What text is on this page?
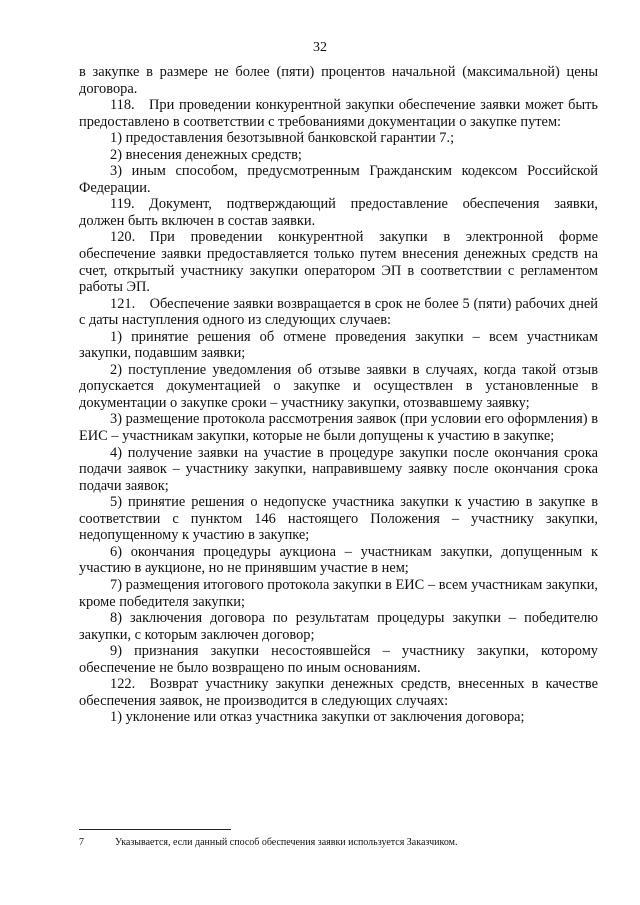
32

в закупке в размере не более (пяти) процентов начальной (максимальной) цены договора.

118. При проведении конкурентной закупки обеспечение заявки может быть предоставлено в соответствии с требованиями документации о закупке путем:

1) предоставления безотзывной банковской гарантии 7.;

2) внесения денежных средств;

3) иным способом, предусмотренным Гражданским кодексом Российской Федерации.

119. Документ, подтверждающий предоставление обеспечения заявки, должен быть включен в состав заявки.

120. При проведении конкурентной закупки в электронной форме обеспечение заявки предоставляется только путем внесения денежных средств на счет, открытый участнику закупки оператором ЭП в соответствии с регламентом работы ЭП.

121. Обеспечение заявки возвращается в срок не более 5 (пяти) рабочих дней с даты наступления одного из следующих случаев:

1) принятие решения об отмене проведения закупки – всем участникам закупки, подавшим заявки;

2) поступление уведомления об отзыве заявки в случаях, когда такой отзыв допускается документацией о закупке и осуществлен в установленные в документации о закупке сроки – участнику закупки, отозвавшему заявку;

3) размещение протокола рассмотрения заявок (при условии его оформления) в ЕИС – участникам закупки, которые не были допущены к участию в закупке;

4) получение заявки на участие в процедуре закупки после окончания срока подачи заявок – участнику закупки, направившему заявку после окончания срока подачи заявок;

5) принятие решения о недопуске участника закупки к участию в закупке в соответствии с пунктом 146 настоящего Положения – участнику закупки, недопущенному к участию в закупке;

6) окончания процедуры аукциона – участникам закупки, допущенным к участию в аукционе, но не принявшим участие в нем;

7) размещения итогового протокола закупки в ЕИС – всем участникам закупки, кроме победителя закупки;

8) заключения договора по результатам процедуры закупки – победителю закупки, с которым заключен договор;

9) признания закупки несостоявшейся – участнику закупки, которому обеспечение не было возвращено по иным основаниям.

122. Возврат участнику закупки денежных средств, внесенных в качестве обеспечения заявок, не производится в следующих случаях:

1) уклонение или отказ участника закупки от заключения договора;

7	Указывается, если данный способ обеспечения заявки используется Заказчиком.
